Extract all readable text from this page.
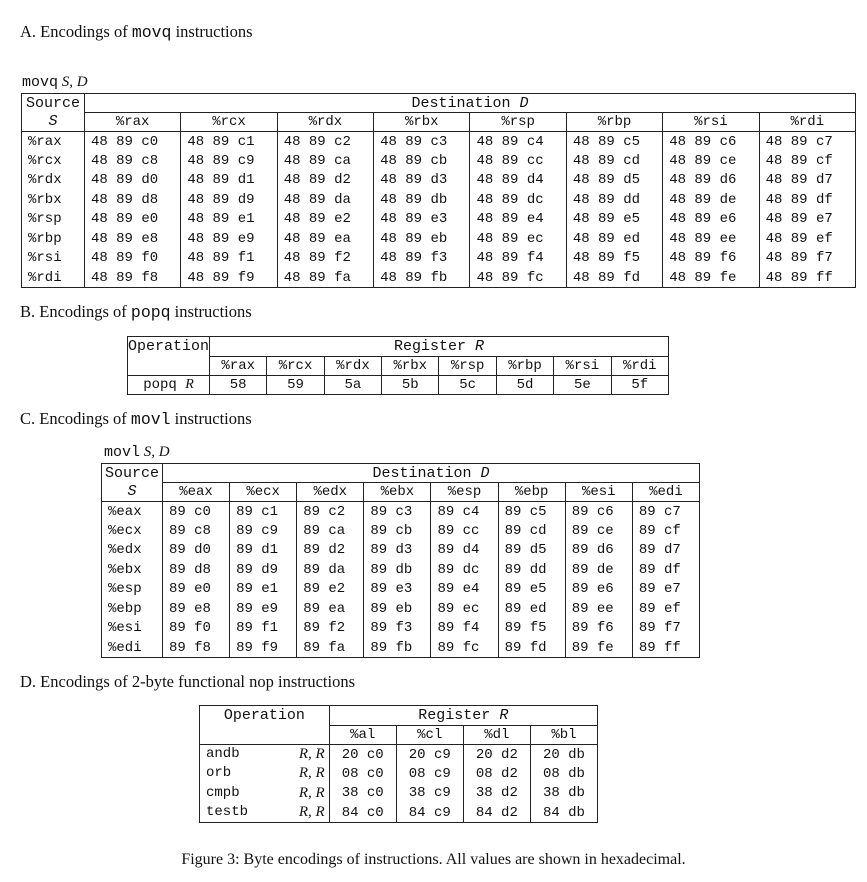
A. Encodings of movq instructions
movq S, D
Source	Destination D							
S	%rax	%rcx	%rdx	%rbx	%rsp	%rbp	%rsi	%rdi
%rax	48 89 c0	48 89 c1	48 89 c2	48 89 c3	48 89 c4	48 89 c5	48 89 c6	48 89 c7
%rcx	48 89 c8	48 89 c9	48 89 ca	48 89 cb	48 89 cc	48 89 cd	48 89 ce	48 89 cf
%rdx	48 89 d0	48 89 d1	48 89 d2	48 89 d3	48 89 d4	48 89 d5	48 89 d6	48 89 d7
%rbx	48 89 d8	48 89 d9	48 89 da	48 89 db	48 89 dc	48 89 dd	48 89 de	48 89 df
%rsp	48 89 e0	48 89 e1	48 89 e2	48 89 e3	48 89 e4	48 89 e5	48 89 e6	48 89 e7
%rbp	48 89 e8	48 89 e9	48 89 ea	48 89 eb	48 89 ec	48 89 ed	48 89 ee	48 89 ef
%rsi	48 89 f0	48 89 f1	48 89 f2	48 89 f3	48 89 f4	48 89 f5	48 89 f6	48 89 f7
%rdi	48 89 f8	48 89 f9	48 89 fa	48 89 fb	48 89 fc	48 89 fd	48 89 fe	48 89 ff
B. Encodings of popq instructions
Operation	Register R							
	%rax	%rcx	%rdx	%rbx	%rsp	%rbp	%rsi	%rdi
popq R	58	59	5a	5b	5c	5d	5e	5f
C. Encodings of movl instructions
movl S, D
Source	Destination D							
S	%eax	%ecx	%edx	%ebx	%esp	%ebp	%esi	%edi
%eax	89 c0	89 c1	89 c2	89 c3	89 c4	89 c5	89 c6	89 c7
%ecx	89 c8	89 c9	89 ca	89 cb	89 cc	89 cd	89 ce	89 cf
%edx	89 d0	89 d1	89 d2	89 d3	89 d4	89 d5	89 d6	89 d7
%ebx	89 d8	89 d9	89 da	89 db	89 dc	89 dd	89 de	89 df
%esp	89 e0	89 e1	89 e2	89 e3	89 e4	89 e5	89 e6	89 e7
%ebp	89 e8	89 e9	89 ea	89 eb	89 ec	89 ed	89 ee	89 ef
%esi	89 f0	89 f1	89 f2	89 f3	89 f4	89 f5	89 f6	89 f7
%edi	89 f8	89 f9	89 fa	89 fb	89 fc	89 fd	89 fe	89 ff
D. Encodings of 2-byte functional nop instructions
Operation	Register R			
	%al	%cl	%dl	%bl

andb R, R	20 c0	20 c9	20 d2	20 db

orb R, R	08 c0	08 c9	08 d2	08 db

cmpb R, R	38 c0	38 c9	38 d2	38 db

testb R, R	84 c0	84 c9	84 d2	84 db
Figure 3: Byte encodings of instructions. All values are shown in hexadecimal.
